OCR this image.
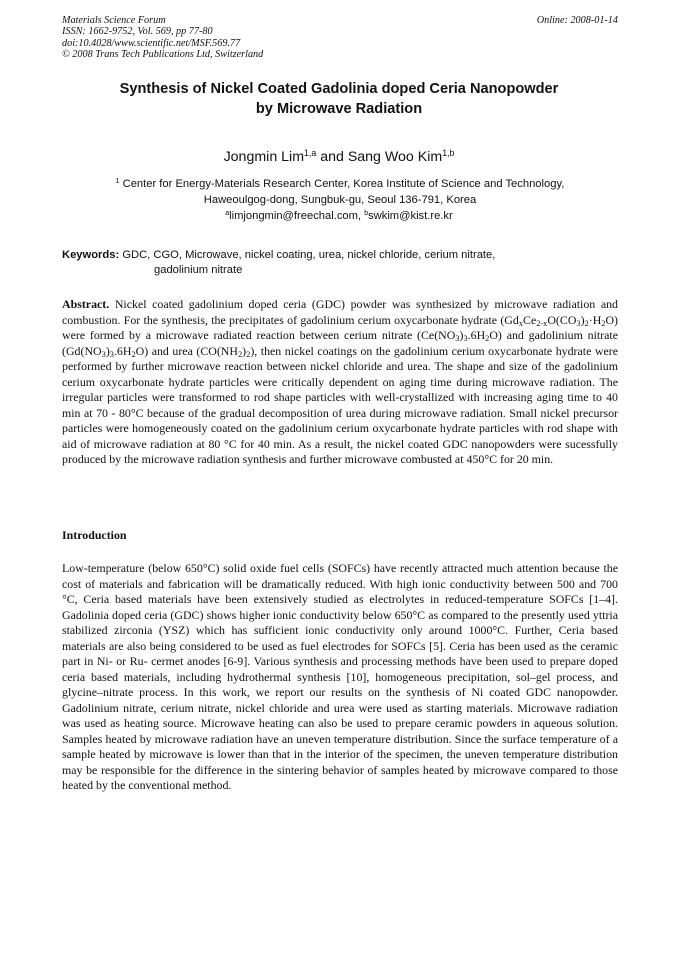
Materials Science Forum
ISSN: 1662-9752, Vol. 569, pp 77-80
doi:10.4028/www.scientific.net/MSF.569.77
© 2008 Trans Tech Publications Ltd, Switzerland
Online: 2008-01-14
Synthesis of Nickel Coated Gadolinia doped Ceria Nanopowder
by Microwave Radiation
Jongmin Lim$^{1,a}$ and Sang Woo Kim$^{1,b}$
$^1$ Center for Energy-Materials Research Center, Korea Institute of Science and Technology,
Haweoulgog-dong, Sungbuk-gu, Seoul 136-791, Korea
$^a$limjongmin@freechal.com, $^b$swkim@kist.re.kr
Keywords: GDC, CGO, Microwave, nickel coating, urea, nickel chloride, cerium nitrate,
gadolinium nitrate
Abstract. Nickel coated gadolinium doped ceria (GDC) powder was synthesized by microwave radiation and combustion. For the synthesis, the precipitates of gadolinium cerium oxycarbonate hydrate $(Gd_xCe_{2-x}O(CO_3)_2\cdot H_2O)$ were formed by a microwave radiated reaction between cerium nitrate $(Ce(NO_3)_3.6H_2O)$ and gadolinium nitrate $(Gd(NO_3)_3.6H_2O)$ and urea $(CO(NH_2)_2)$, then nickel coatings on the gadolinium cerium oxycarbonate hydrate were performed by further microwave reaction between nickel chloride and urea. The shape and size of the gadolinium cerium oxycarbonate hydrate particles were critically dependent on aging time during microwave radiation. The irregular particles were transformed to rod shape particles with well-crystallized with increasing aging time to 40 min at 70 - 80°C because of the gradual decomposition of urea during microwave radiation. Small nickel precursor particles were homogeneously coated on the gadolinium cerium oxycarbonate hydrate particles with rod shape with aid of microwave radiation at 80 °C for 40 min. As a result, the nickel coated GDC nanopowders were sucessfully produced by the microwave radiation synthesis and further microwave combusted at 450°C for 20 min.
Introduction
Low-temperature (below 650°C) solid oxide fuel cells (SOFCs) have recently attracted much attention because the cost of materials and fabrication will be dramatically reduced. With high ionic conductivity between 500 and 700 °C, Ceria based materials have been extensively studied as electrolytes in reduced-temperature SOFCs [1–4]. Gadolinia doped ceria (GDC) shows higher ionic conductivity below 650°C as compared to the presently used yttria stabilized zirconia (YSZ) which has sufficient ionic conductivity only around 1000°C. Further, Ceria based materials are also being considered to be used as fuel electrodes for SOFCs [5]. Ceria has been used as the ceramic part in Ni- or Ru- cermet anodes [6-9]. Various synthesis and processing methods have been used to prepare doped ceria based materials, including hydrothermal synthesis [10], homogeneous precipitation, sol–gel process, and glycine–nitrate process. In this work, we report our results on the synthesis of Ni coated GDC nanopowder. Gadolinium nitrate, cerium nitrate, nickel chloride and urea were used as starting materials. Microwave radiation was used as heating source. Microwave heating can also be used to prepare ceramic powders in aqueous solution. Samples heated by microwave radiation have an uneven temperature distribution. Since the surface temperature of a sample heated by microwave is lower than that in the interior of the specimen, the uneven temperature distribution may be responsible for the difference in the sintering behavior of samples heated by microwave compared to those heated by the conventional method.
